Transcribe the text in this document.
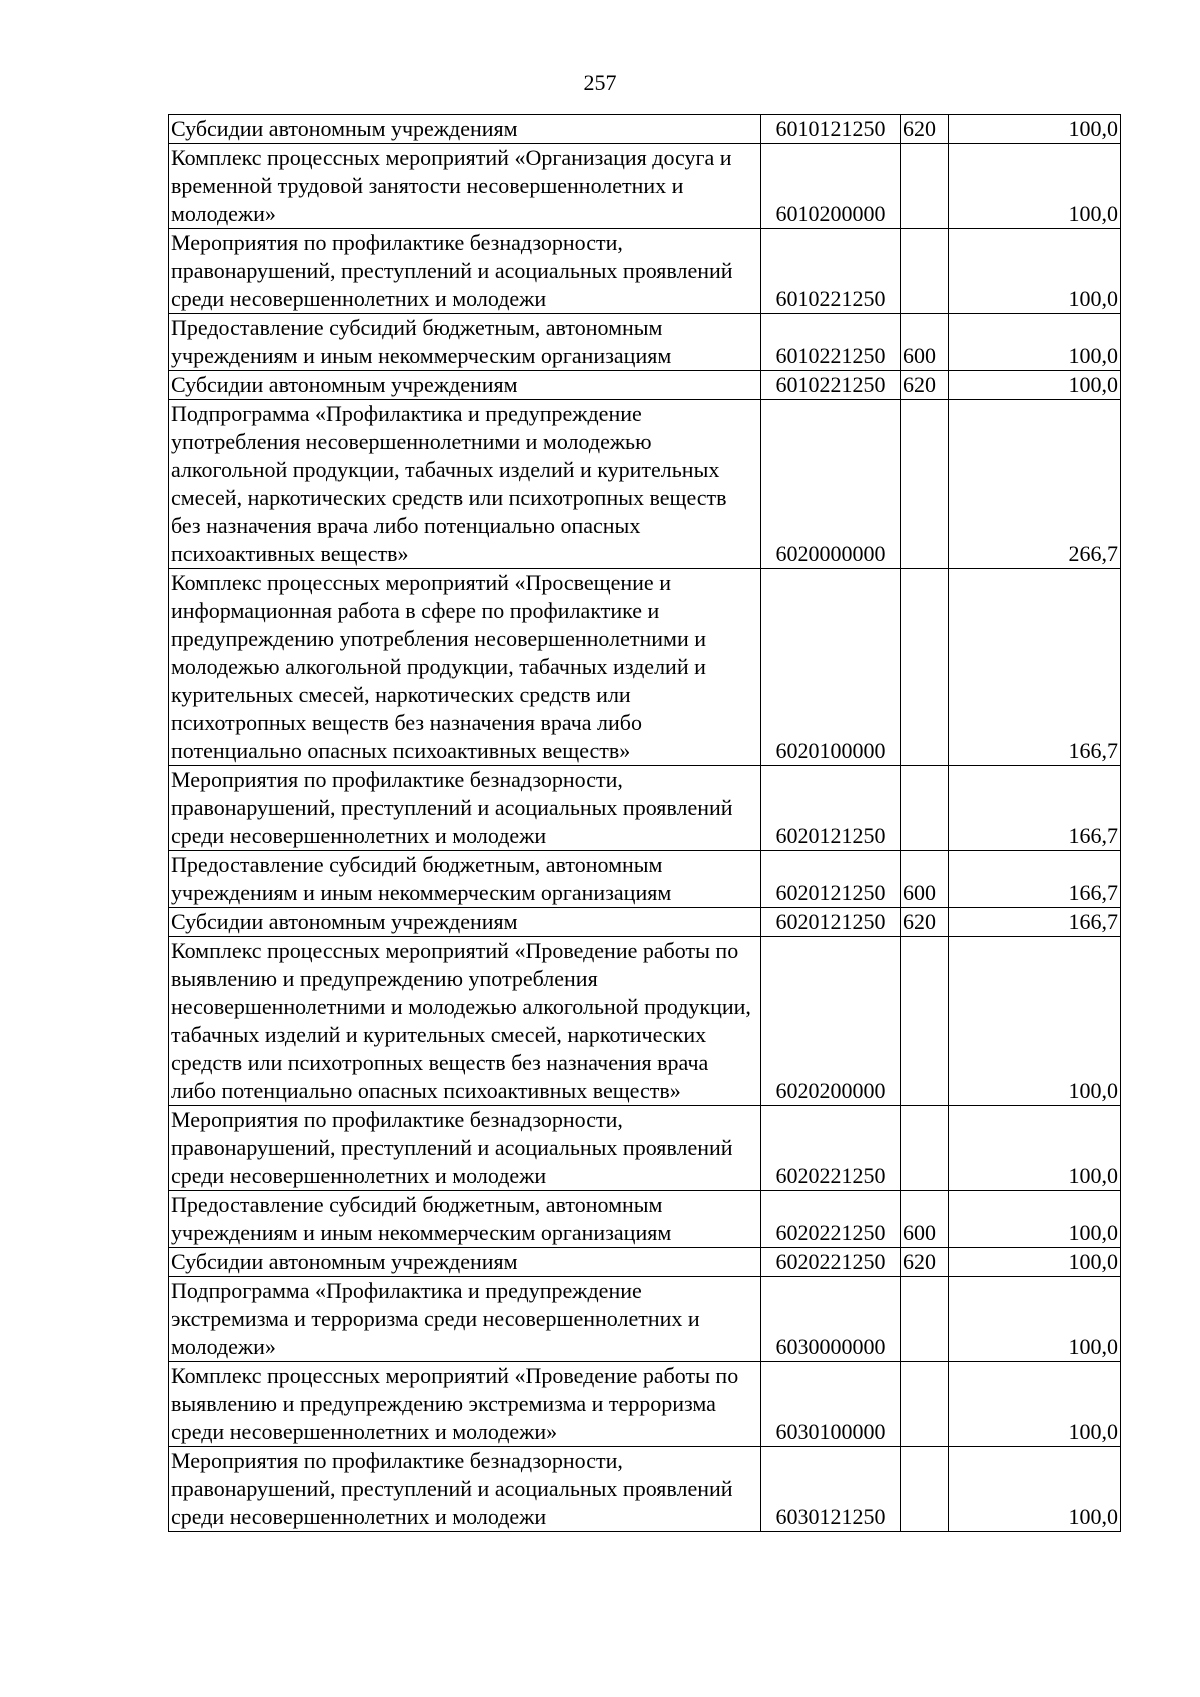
257
Субсидии автономным учреждениям	6010121250	620	100,0
Комплекс процессных мероприятий «Организация досуга и временной трудовой занятости несовершеннолетних и молодежи»	6010200000		100,0
Мероприятия по профилактике безнадзорности, правонарушений, преступлений и асоциальных проявлений среди несовершеннолетних и молодежи	6010221250		100,0
Предоставление субсидий бюджетным, автономным учреждениям и иным некоммерческим организациям	6010221250	600	100,0
Субсидии автономным учреждениям	6010221250	620	100,0
Подпрограмма «Профилактика и предупреждение употребления несовершеннолетними и молодежью алкогольной продукции, табачных изделий и курительных смесей, наркотических средств или психотропных веществ без назначения врача либо потенциально опасных психоактивных веществ»	6020000000		266,7
Комплекс процессных мероприятий «Просвещение и информационная работа в сфере по профилактике и предупреждению употребления несовершеннолетними и молодежью алкогольной продукции, табачных изделий и курительных смесей, наркотических средств или психотропных веществ без назначения врача либо потенциально опасных психоактивных веществ»	6020100000		166,7
Мероприятия по профилактике безнадзорности, правонарушений, преступлений и асоциальных проявлений среди несовершеннолетних и молодежи	6020121250		166,7
Предоставление субсидий бюджетным, автономным учреждениям и иным некоммерческим организациям	6020121250	600	166,7
Субсидии автономным учреждениям	6020121250	620	166,7
Комплекс процессных мероприятий «Проведение работы по выявлению и предупреждению употребления несовершеннолетними и молодежью алкогольной продукции, табачных изделий и курительных смесей, наркотических средств или психотропных веществ без назначения врача либо потенциально опасных психоактивных веществ»	6020200000		100,0
Мероприятия по профилактике безнадзорности, правонарушений, преступлений и асоциальных проявлений среди несовершеннолетних и молодежи	6020221250		100,0
Предоставление субсидий бюджетным, автономным учреждениям и иным некоммерческим организациям	6020221250	600	100,0
Субсидии автономным учреждениям	6020221250	620	100,0
Подпрограмма «Профилактика и предупреждение экстремизма и терроризма среди несовершеннолетних и молодежи»	6030000000		100,0
Комплекс процессных мероприятий «Проведение работы по выявлению и предупреждению экстремизма и терроризма среди несовершеннолетних и молодежи»	6030100000		100,0
Мероприятия по профилактике безнадзорности, правонарушений, преступлений и асоциальных проявлений среди несовершеннолетних и молодежи	6030121250		100,0
